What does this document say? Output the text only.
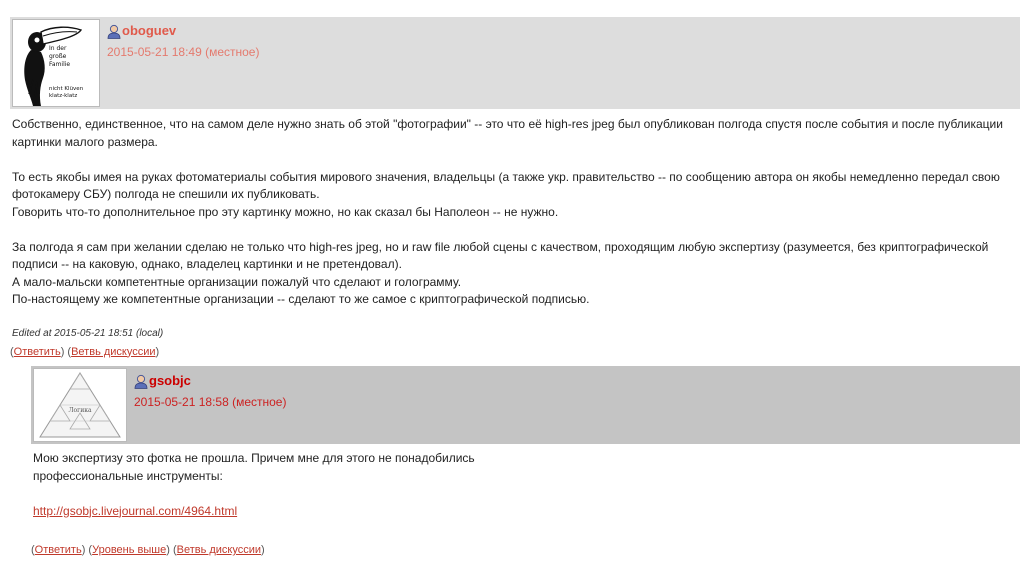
In der
große
Familie
nicht Klüven
klatz-klatz
oboguev
2015-05-21 18:49 (местное)

Собственно, единственное, что на самом деле нужно знать об этой "фотографии" -- это что её high-res jpeg был опубликован полгода спустя после события и после публикации картинки малого размера.

То есть якобы имея на руках фотоматериалы события мирового значения, владельцы (а также укр. правительство -- по сообщению автора он якобы немедленно передал свою фотокамеру СБУ) полгода не спешили их публиковать.

Говорить что-то дополнительное про эту картинку можно, но как сказал бы Наполеон -- не нужно.

За полгода я сам при желании сделаю не только что high-res jpeg, но и raw file любой сцены с качеством, проходящим любую экспертизу (разумеется, без криптографической подписи -- на каковую, однако, владелец картинки и не претендовал).

А мало-мальски компетентные организации пожалуй что сделают и голограмму.

По-настоящему же компетентные организации -- сделают то же самое с криптографической подписью.

Edited at 2015-05-21 18:51 (local)
(Ответить) (Ветвь дискуссии)
Логика
gsobjc
2015-05-21 18:58 (местное)

Мою экспертизу это фотка не прошла. Причем мне для этого не понадобились

профессиональные инструменты:

http://gsobjc.livejournal.com/4964.html

(Ответить) (Уровень выше) (Ветвь дискуссии)
